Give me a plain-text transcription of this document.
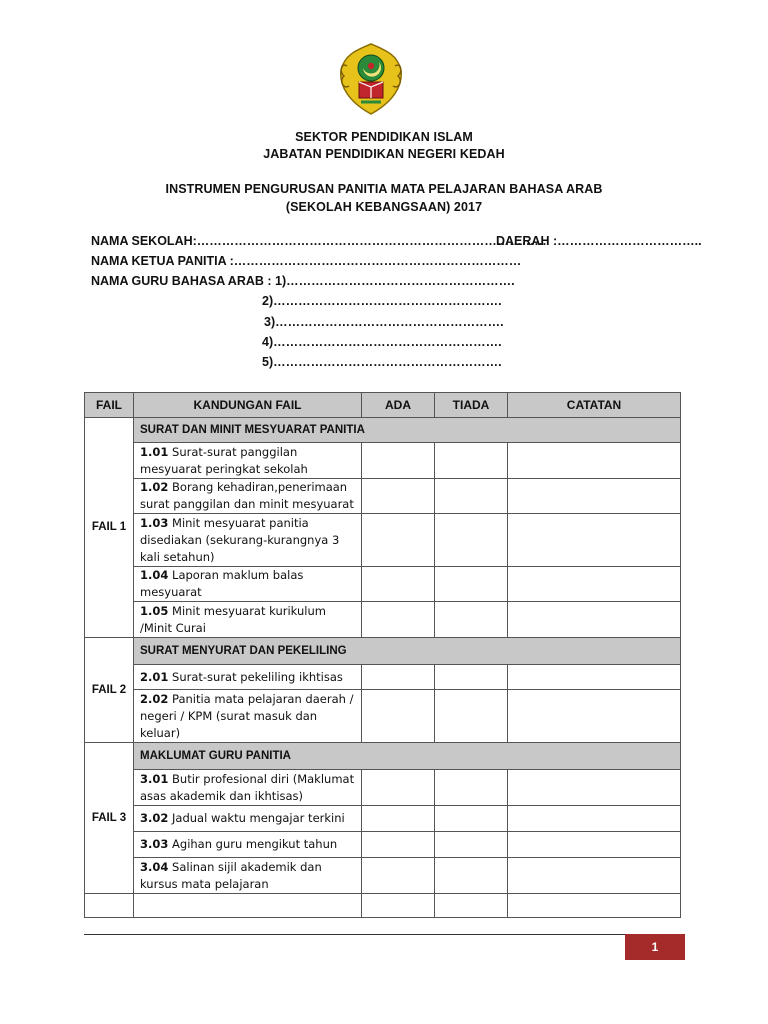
SEKTOR PENDIDIKAN ISLAM
JABATAN PENDIDIKAN NEGERI KEDAH
INSTRUMEN PENGURUSAN PANITIA MATA PELAJARAN BAHASA ARAB
(SEKOLAH KEBANGSAAN) 2017
NAMA SEKOLAH:…………………………………………………………………………
DAERAH :……………………………..
NAMA KETUA PANITIA :……………………………………………………………
NAMA GURU BAHASA ARAB : 1)……………………………………………….
2)……………………………………………….
3)……………………………………………….
4)……………………………………………….
5)……………………………………………….
FAIL	KANDUNGAN FAIL	ADA	TIADA	CATATAN
FAIL 1	SURAT DAN MINIT MESYUARAT PANITIA			
	1.01 Surat-surat panggilan mesyuarat peringkat sekolah			
	1.02 Borang kehadiran,penerimaan surat panggilan dan minit mesyuarat			
	1.03 Minit mesyuarat panitia disediakan (sekurang-kurangnya 3 kali setahun)			
	1.04 Laporan maklum balas mesyuarat			
	1.05 Minit mesyuarat kurikulum /Minit Curai			
FAIL 2	SURAT MENYURAT DAN PEKELILING			
	2.01 Surat-surat pekeliling ikhtisas			
	2.02 Panitia mata pelajaran daerah / negeri / KPM (surat masuk dan keluar)			
FAIL 3	MAKLUMAT GURU PANITIA			
	3.01 Butir profesional diri (Maklumat asas akademik dan ikhtisas)			
	3.02 Jadual waktu mengajar terkini			
	3.03 Agihan guru mengikut tahun			
	3.04 Salinan sijil akademik dan kursus mata pelajaran			

1
